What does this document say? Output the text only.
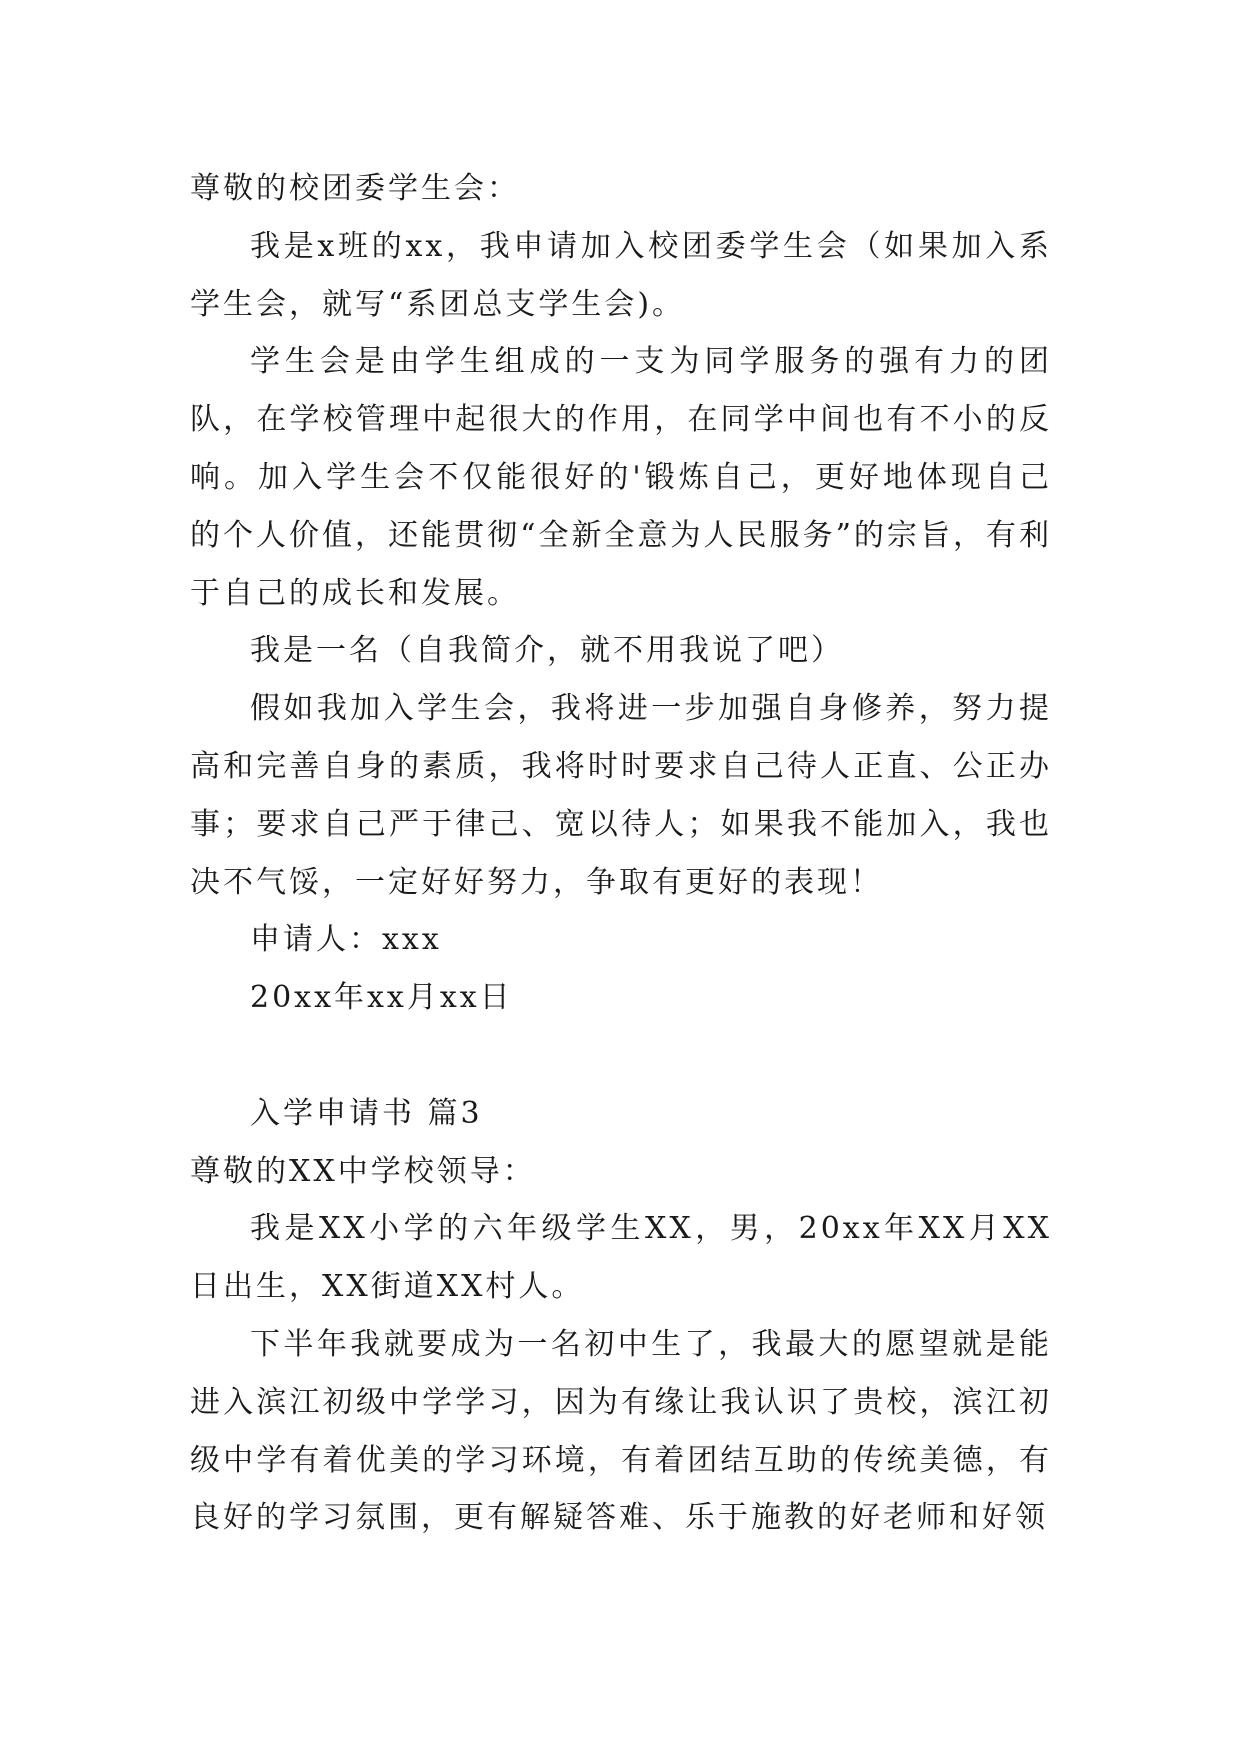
尊敬的校团委学生会：

我是x班的xx，我申请加入校团委学生会（如果加入系学生会，就写“系团总支学生会)。

学生会是由学生组成的一支为同学服务的强有力的团队，在学校管理中起很大的作用，在同学中间也有不小的反响。加入学生会不仅能很好的'锻炼自己，更好地体现自己的个人价值，还能贯彻“全新全意为人民服务”的宗旨，有利于自己的成长和发展。

我是一名（自我简介，就不用我说了吧）

假如我加入学生会，我将进一步加强自身修养，努力提高和完善自身的素质，我将时时要求自己待人正直、公正办事；要求自己严于律己、宽以待人；如果我不能加入，我也决不气馁，一定好好努力，争取有更好的表现！

申请人：xxx

20xx年xx月xx日

入学申请书 篇3

尊敬的XX中学校领导：

我是XX小学的六年级学生XX，男，20xx年XX月XX日出生，XX街道XX村人。

下半年我就要成为一名初中生了，我最大的愿望就是能进入滨江初级中学学习，因为有缘让我认识了贵校，滨江初级中学有着优美的学习环境，有着团结互助的传统美德，有良好的学习氛围，更有解疑答难、乐于施教的好老师和好领
